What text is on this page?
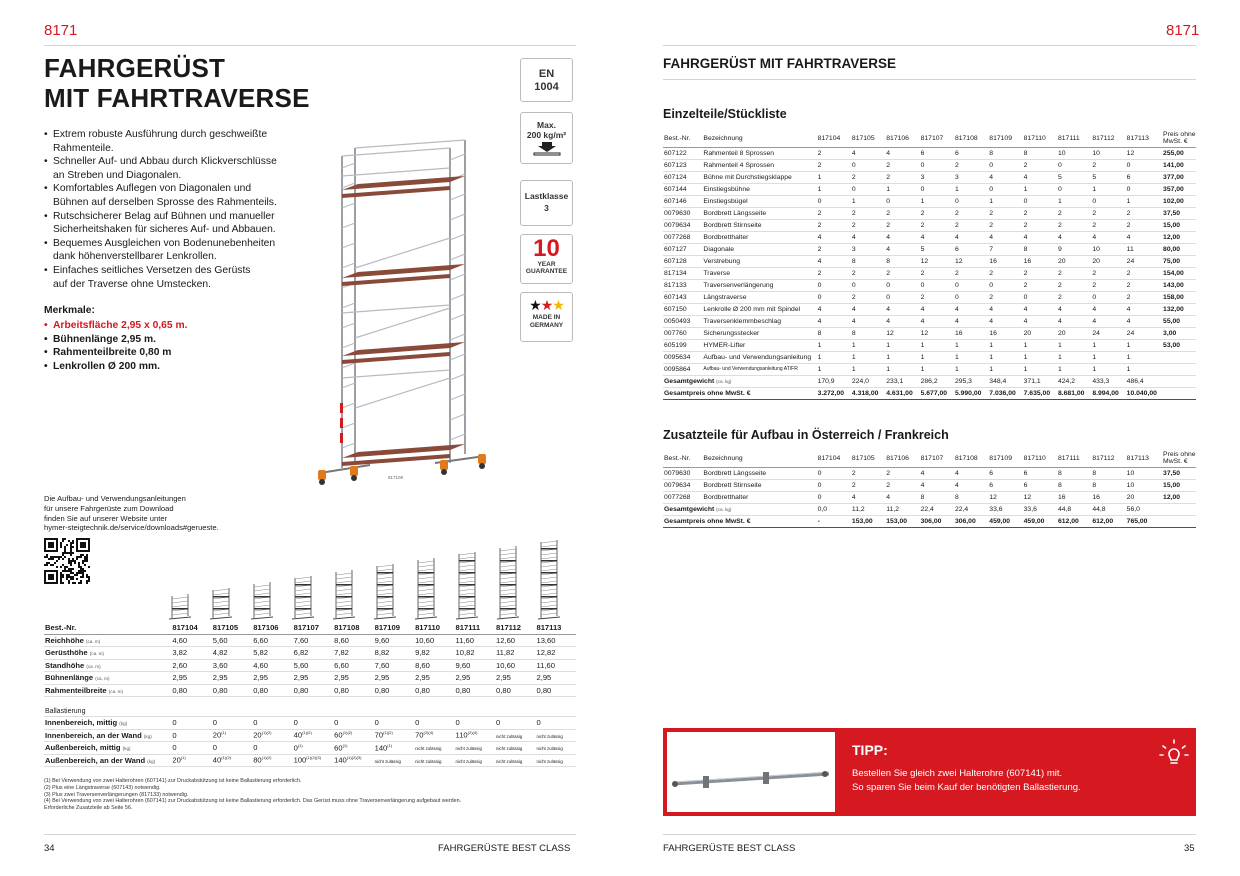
8171
FAHRGERÜST
MIT FAHRTRAVERSE
• Extrem robuste Ausführung durch geschweißte
Rahmenteile.
• Schneller Auf- und Abbau durch Klickverschlüsse
an Streben und Diagonalen.
• Komfortables Auflegen von Diagonalen und
Bühnen auf derselben Sprosse des Rahmenteils.
• Rutschsicherer Belag auf Bühnen und manueller
Sicherheitshaken für sicheres Auf- und Abbauen.
• Bequemes Ausgleichen von Bodenunebenheiten
dank höhenverstellbarer Lenkrollen.
• Einfaches seitliches Versetzen des Gerüsts
auf der Traverse ohne Umstecken.
Merkmale:
• Arbeitsfläche 2,95 x 0,65 m.
• Bühnenlänge 2,95 m.
• Rahmenteilbreite 0,80 m
• Lenkrollen Ø 200 mm.
EN
1004
Max.
200 kg/m²
Lastklasse
3
10
YEAR
GUARANTEE
★★★
MADE IN
GERMANY
817108
Die Aufbau- und Verwendungsanleitungen
für unsere Fahrgerüste zum Download
finden Sie auf unserer Website unter
hymer-steigtechnik.de/service/downloads#gerueste.
Best.-Nr.	817104	817105	817106	817107	817108	817109	817110	817111	817112	817113
Reichhöhe (ca. m)	4,60	5,60	6,60	7,60	8,60	9,60	10,60	11,60	12,60	13,60
Gerüsthöhe (ca. m)	3,82	4,82	5,82	6,82	7,82	8,82	9,82	10,82	11,82	12,82
Standhöhe (ca. m)	2,60	3,60	4,60	5,60	6,60	7,60	8,60	9,60	10,60	11,60
Bühnenlänge (ca. m)	2,95	2,95	2,95	2,95	2,95	2,95	2,95	2,95	2,95	2,95
Rahmenteilbreite (ca. m)	0,80	0,80	0,80	0,80	0,80	0,80	0,80	0,80	0,80	0,80

Ballastierung										
Innenbereich, mittig (kg)	0	0	0	0	0	0	0	0	0	0
Innenbereich, an der Wand (kg)	0	20$^{(1)}$	$20^{(1)(2)}$	$40^{(1)(2)}$	$60^{(1)(2)}$	$70^{(1)(2)}$	$70^{(2)(4)}$	$110^{(2)(4)}$	nicht zulässig	nicht zulässig
Außenbereich, mittig (kg)	0	0	0	0$^{(1)}$	60$^{(1)}$	140$^{(1)}$	nicht zulässig	nicht zulässig	nicht zulässig	nicht zulässig
Außenbereich, an der Wand (kg)	20$^{(1)}$	$40^{(1)(2)}$	$80^{(1)(2)}$	$100^{(1)(2)(3)}$	$140^{(1)(2)(3)}$	nicht zulässig	nicht zulässig	nicht zulässig	nicht zulässig	nicht zulässig
(1) Bei Verwendung von zwei Halterohren (607141) zur Druckabstützung ist keine Ballastierung erforderlich.
(2) Plus eine Längstraverse (607143) notwendig.
(3) Plus zwei Traversenverlängerungen (817133) notwendig.
(4) Bei Verwendung von zwei Halterohren (607141) zur Druckabstützung ist keine Ballastierung erforderlich. Das Gerüst muss ohne Traversenverlängerung aufgebaut werden.
Erforderliche Zusatzteile ab Seite 56.
34	FAHRGERÜSTE BEST CLASS
8171
FAHRGERÜST MIT FAHRTRAVERSE
Einzelteile/Stückliste
Best.-Nr.	Bezeichnung	817104	817105	817106	817107	817108	817109	817110	817111	817112	817113	Preis ohne
MwSt. €

607122	Rahmenteil 8 Sprossen	2	4	4	6	6	8	8	10	10	12	255,00
607123	Rahmenteil 4 Sprossen	2	0	2	0	2	0	2	0	2	0	141,00
607124	Bühne mit Durchstiegsklappe	1	2	2	3	3	4	4	5	5	6	377,00
607144	Einstiegsbühne	1	0	1	0	1	0	1	0	1	0	357,00
607146	Einstiegsbügel	0	1	0	1	0	1	0	1	0	1	102,00
0079630	Bordbrett Längsseite	2	2	2	2	2	2	2	2	2	2	37,50
0079634	Bordbrett Stirnseite	2	2	2	2	2	2	2	2	2	2	15,00
0077268	Bordbretthalter	4	4	4	4	4	4	4	4	4	4	12,00
607127	Diagonale	2	3	4	5	6	7	8	9	10	11	80,00
607128	Verstrebung	4	8	8	12	12	16	16	20	20	24	75,00
817134	Traverse	2	2	2	2	2	2	2	2	2	2	154,00
817133	Traversenverlängerung	0	0	0	0	0	0	2	2	2	2	143,00
607143	Längstraverse	0	2	0	2	0	2	0	2	0	2	158,00
607150	Lenkrolle Ø 200 mm mit Spindel	4	4	4	4	4	4	4	4	4	4	132,00
0050493	Traversenklemmbeschlag	4	4	4	4	4	4	4	4	4	4	55,00
007760	Sicherungsstecker	8	8	12	12	16	16	20	20	24	24	3,00
605199	HYMER-Lifter	1	1	1	1	1	1	1	1	1	1	53,00
0095634	Aufbau- und Verwendungsanleitung	1	1	1	1	1	1	1	1	1	1	
0095864	Aufbau- und Verwendungsanleitung AT/FR	1	1	1	1	1	1	1	1	1	1	
Gesamtgewicht (ca. kg)		170,9	224,0	233,1	286,2	295,3	348,4	371,1	424,2	433,3	486,4	
Gesamtpreis ohne MwSt. €		3.272,00	4.318,00	4.631,00	5.677,00	5.990,00	7.036,00	7.635,00	8.681,00	8.994,00	10.040,00	
Zusatzteile für Aufbau in Österreich / Frankreich
Best.-Nr.	Bezeichnung	817104	817105	817106	817107	817108	817109	817110	817111	817112	817113	Preis ohne
MwSt. €

0079630	Bordbrett Längsseite	0	2	2	4	4	6	6	8	8	10	37,50
0079634	Bordbrett Stirnseite	0	2	2	4	4	6	6	8	8	10	15,00
0077268	Bordbretthalter	0	4	4	8	8	12	12	16	16	20	12,00
Gesamtgewicht (ca. kg)		0,0	11,2	11,2	22,4	22,4	33,6	33,6	44,8	44,8	56,0	
Gesamtpreis ohne MwSt. €		-	153,00	153,00	306,00	306,00	459,00	459,00	612,00	612,00	765,00	
TIPP:
Bestellen Sie gleich zwei Halterohre (607141) mit.
So sparen Sie beim Kauf der benötigten Ballastierung.
FAHRGERÜSTE BEST CLASS	35
